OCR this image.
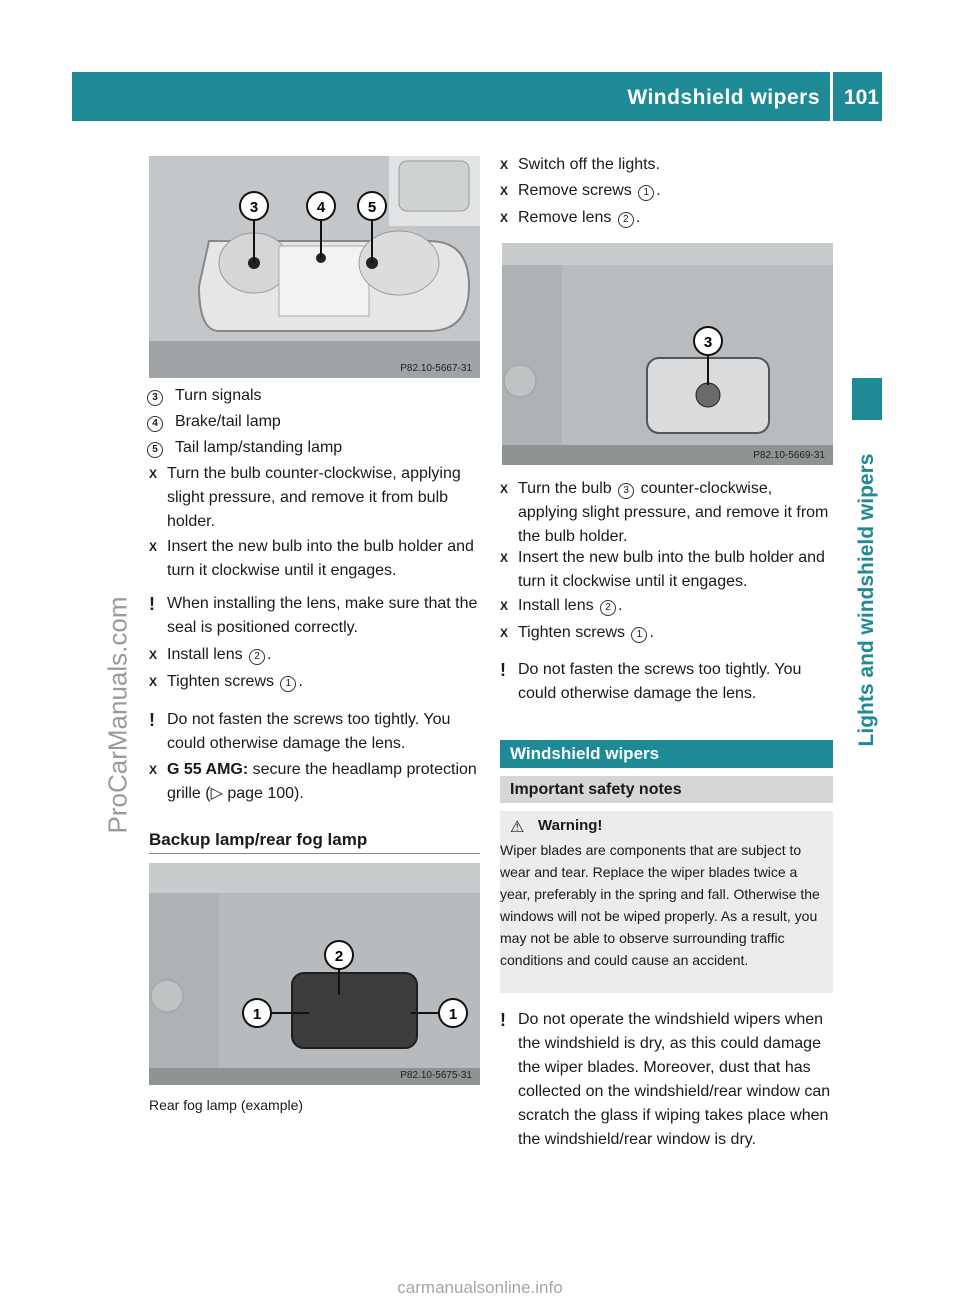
Windshield wipers 101
Lights and windshield wipers
ProCarManuals.com
carmanualsonline.info
3	4	5
P82.10-5667-31
3	Turn signals
4	Brake/tail lamp
5	Tail lamp/standing lamp
X Turn the bulb counter-clockwise, applying slight pressure, and remove it from bulb holder.
X Insert the new bulb into the bulb holder and turn it clockwise until it engages.
! When installing the lens, make sure that the seal is positioned correctly.
X Install lens 2 .
X Tighten screws 1 .
! Do not fasten the screws too tightly. You could otherwise damage the lens.
X G 55 AMG: secure the headlamp protection grille (▷ page 100).
Backup lamp/rear fog lamp
2
1	1
P82.10-5675-31
Rear fog lamp (example)
X Switch off the lights.
X Remove screws 1 .
X Remove lens 2 .
3
P82.10-5669-31
X Turn the bulb 3 counter-clockwise, applying slight pressure, and remove it from the bulb holder.
X Insert the new bulb into the bulb holder and turn it clockwise until it engages.
X Install lens 2 .
X Tighten screws 1 .
! Do not fasten the screws too tightly. You could otherwise damage the lens.
Windshield wipers
Important safety notes
⚠ Warning!
Wiper blades are components that are subject to wear and tear. Replace the wiper blades twice a year, preferably in the spring and fall. Otherwise the windows will not be wiped properly. As a result, you may not be able to observe surrounding traffic conditions and could cause an accident.
! Do not operate the windshield wipers when the windshield is dry, as this could damage the wiper blades. Moreover, dust that has collected on the windshield/rear window can scratch the glass if wiping takes place when the windshield/rear window is dry.
